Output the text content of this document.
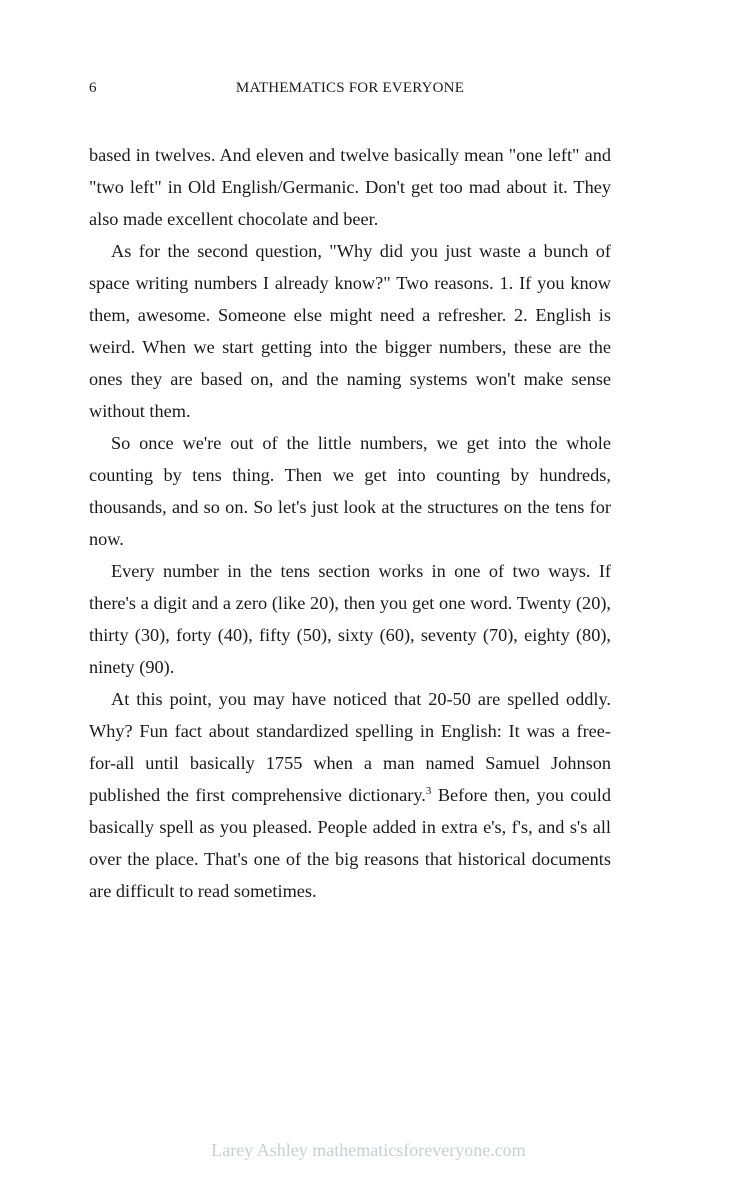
6	MATHEMATICS FOR EVERYONE

based in twelves. And eleven and twelve basically mean "one left" and "two left" in Old English/Germanic. Don't get too mad about it. They also made excellent chocolate and beer.

As for the second question, "Why did you just waste a bunch of space writing numbers I already know?" Two reasons. 1. If you know them, awesome. Someone else might need a refresher. 2. English is weird. When we start getting into the bigger numbers, these are the ones they are based on, and the naming systems won't make sense without them.

So once we're out of the little numbers, we get into the whole counting by tens thing. Then we get into counting by hundreds, thousands, and so on. So let's just look at the structures on the tens for now.

Every number in the tens section works in one of two ways. If there's a digit and a zero (like 20), then you get one word. Twenty (20), thirty (30), forty (40), fifty (50), sixty (60), seventy (70), eighty (80), ninety (90).

At this point, you may have noticed that 20-50 are spelled oddly. Why? Fun fact about standardized spelling in English: It was a free-for-all until basically 1755 when a man named Samuel Johnson published the first comprehensive dictionary.$^3$ Before then, you could basically spell as you pleased. People added in extra e's, f's, and s's all over the place. That's one of the big reasons that historical documents are difficult to read sometimes.

Larey Ashley mathematicsforeveryone.com
